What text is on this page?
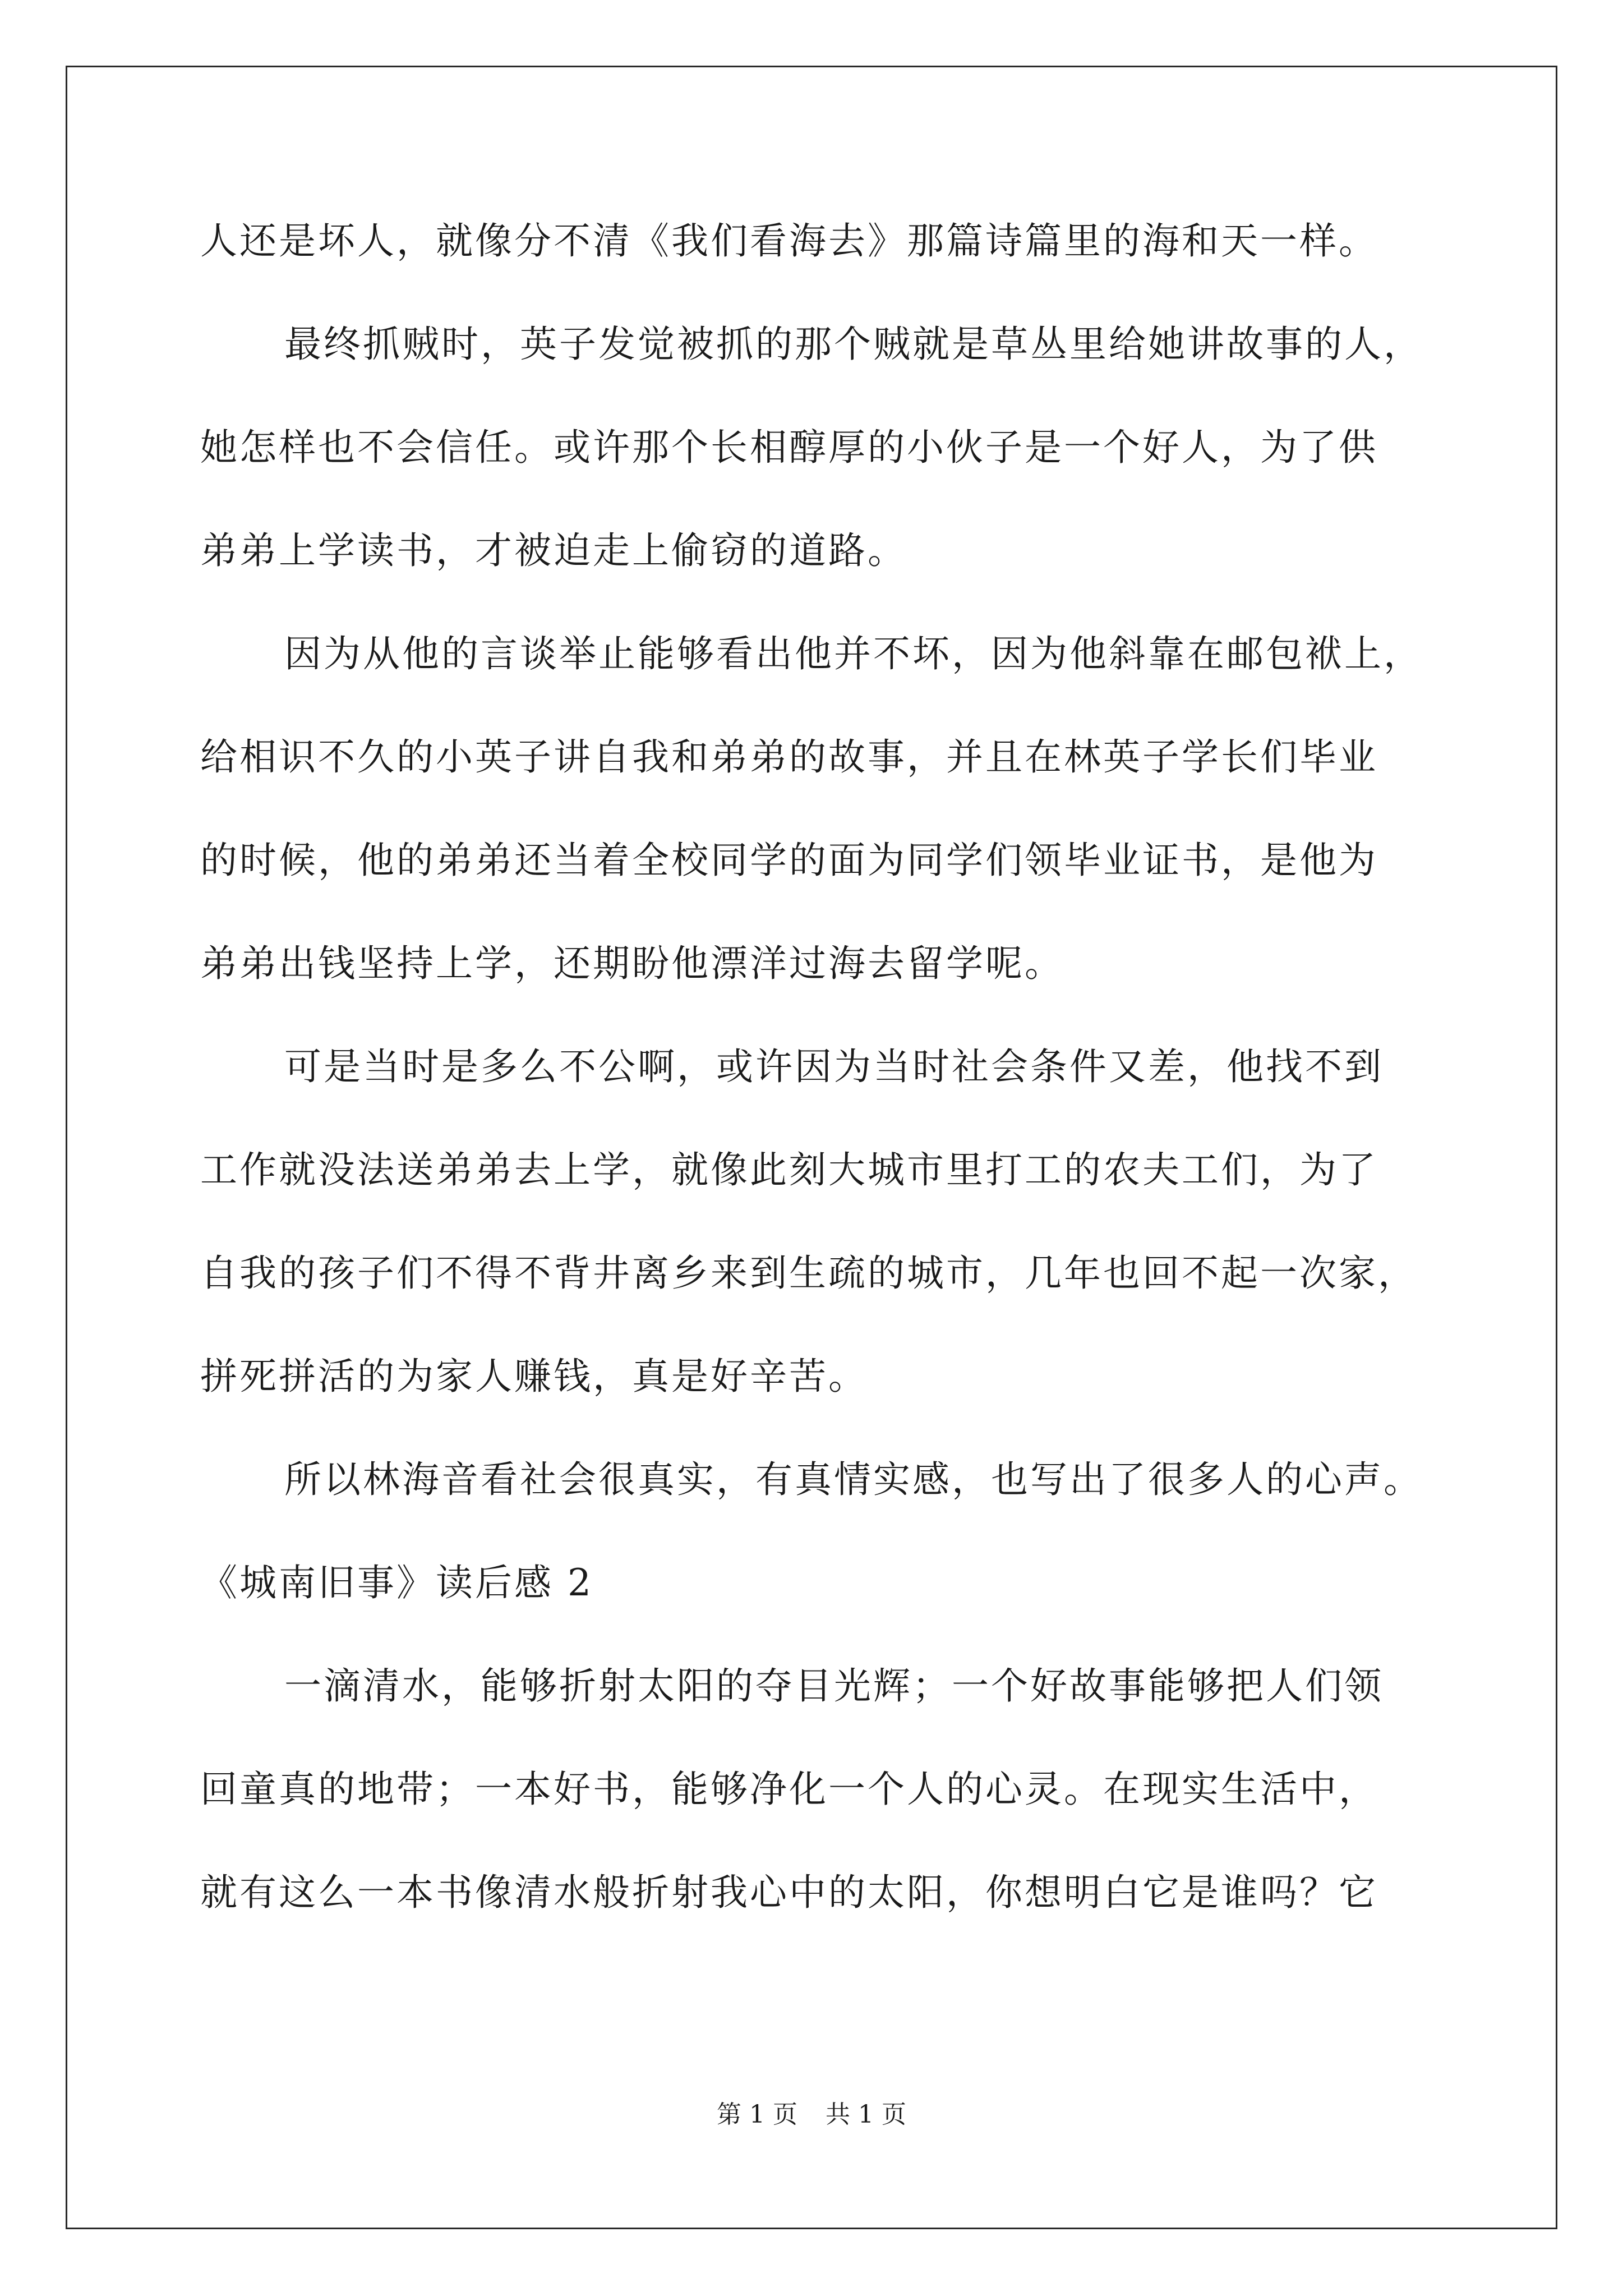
人还是坏人，就像分不清《我们看海去》那篇诗篇里的海和天一样。
最终抓贼时，英子发觉被抓的那个贼就是草丛里给她讲故事的人，
她怎样也不会信任。或许那个长相醇厚的小伙子是一个好人，为了供
弟弟上学读书，才被迫走上偷窃的道路。
因为从他的言谈举止能够看出他并不坏，因为他斜靠在邮包袱上，
给相识不久的小英子讲自我和弟弟的故事，并且在林英子学长们毕业
的时候，他的弟弟还当着全校同学的面为同学们领毕业证书，是他为
弟弟出钱坚持上学，还期盼他漂洋过海去留学呢。
可是当时是多么不公啊，或许因为当时社会条件又差，他找不到
工作就没法送弟弟去上学，就像此刻大城市里打工的农夫工们，为了
自我的孩子们不得不背井离乡来到生疏的城市，几年也回不起一次家，
拼死拼活的为家人赚钱，真是好辛苦。
所以林海音看社会很真实，有真情实感，也写出了很多人的心声。
《城南旧事》读后感 2
一滴清水，能够折射太阳的夺目光辉；一个好故事能够把人们领
回童真的地带；一本好书，能够净化一个人的心灵。在现实生活中，
就有这么一本书像清水般折射我心中的太阳，你想明白它是谁吗？它
第 1 页 共 1 页
